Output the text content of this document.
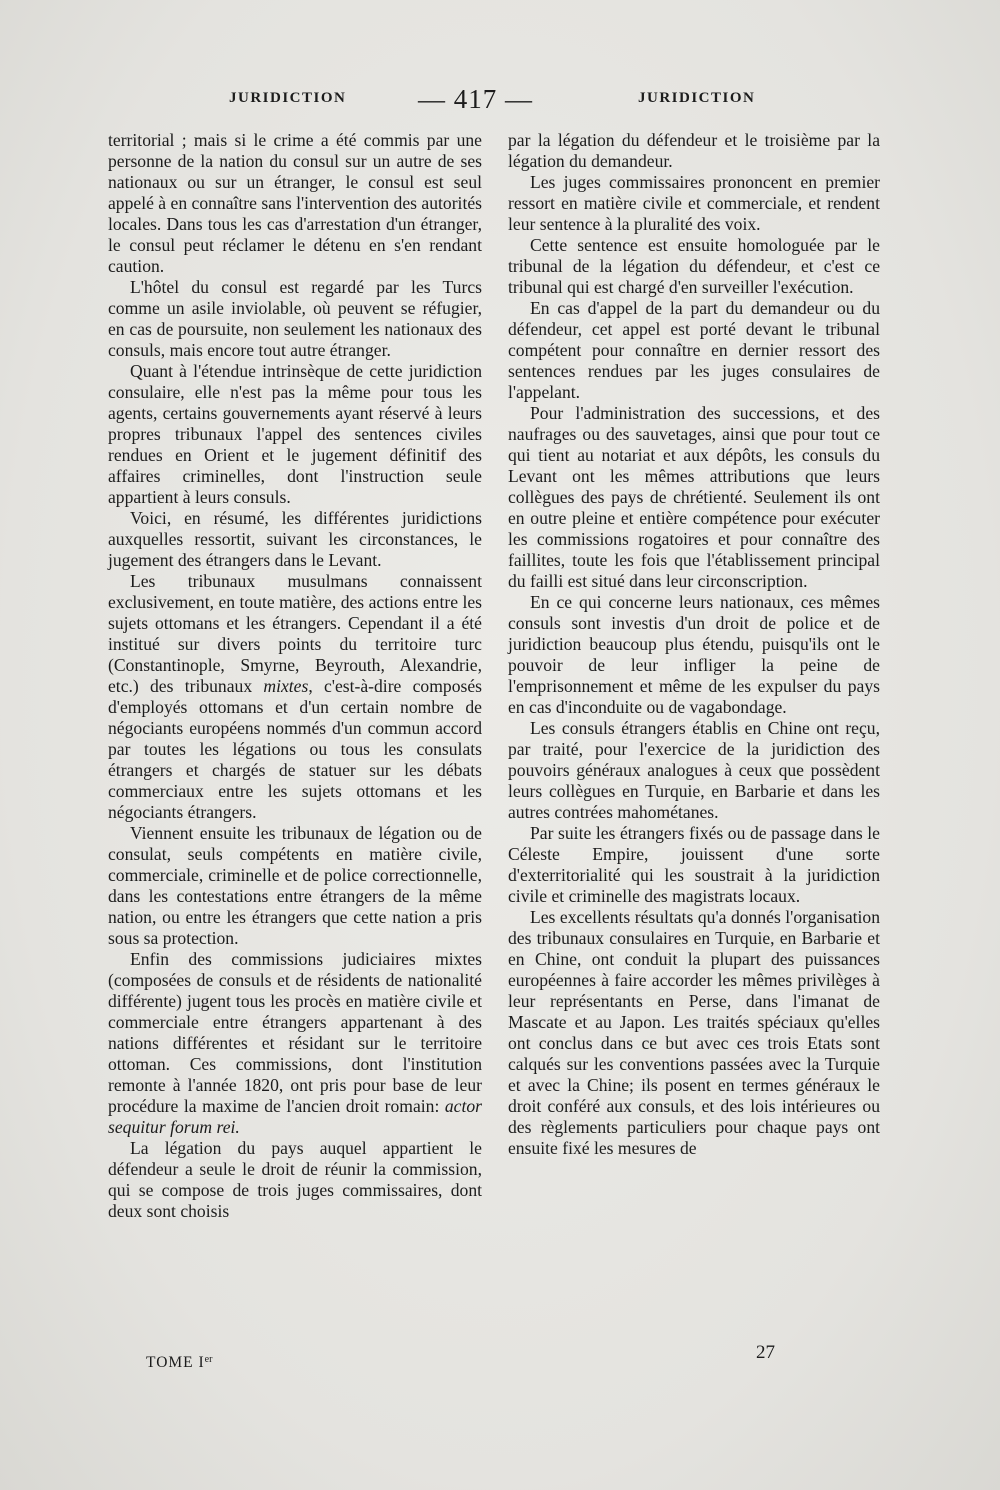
JURIDICTION	— 417 —	JURIDICTION

territorial ; mais si le crime a été commis par une personne de la nation du consul sur un autre de ses nationaux ou sur un étranger, le consul est seul appelé à en connaître sans l'intervention des autorités locales. Dans tous les cas d'arrestation d'un étranger, le consul peut réclamer le détenu en s'en rendant caution.

L'hôtel du consul est regardé par les Turcs comme un asile inviolable, où peuvent se réfugier, en cas de poursuite, non seulement les nationaux des consuls, mais encore tout autre étranger.

Quant à l'étendue intrinsèque de cette juridiction consulaire, elle n'est pas la même pour tous les agents, certains gouvernements ayant réservé à leurs propres tribunaux l'appel des sentences civiles rendues en Orient et le jugement définitif des affaires criminelles, dont l'instruction seule appartient à leurs consuls.

Voici, en résumé, les différentes juridictions auxquelles ressortit, suivant les circonstances, le jugement des étrangers dans le Levant.

Les tribunaux musulmans connaissent exclusivement, en toute matière, des actions entre les sujets ottomans et les étrangers. Cependant il a été institué sur divers points du territoire turc (Constantinople, Smyrne, Beyrouth, Alexandrie, etc.) des tribunaux mixtes, c'est-à-dire composés d'employés ottomans et d'un certain nombre de négociants européens nommés d'un commun accord par toutes les légations ou tous les consulats étrangers et chargés de statuer sur les débats commerciaux entre les sujets ottomans et les négociants étrangers.

Viennent ensuite les tribunaux de légation ou de consulat, seuls compétents en matière civile, commerciale, criminelle et de police correctionnelle, dans les contestations entre étrangers de la même nation, ou entre les étrangers que cette nation a pris sous sa protection.

Enfin des commissions judiciaires mixtes (composées de consuls et de résidents de nationalité différente) jugent tous les procès en matière civile et commerciale entre étrangers appartenant à des nations différentes et résidant sur le territoire ottoman. Ces commissions, dont l'institution remonte à l'année 1820, ont pris pour base de leur procédure la maxime de l'ancien droit romain: actor sequitur forum rei.

La légation du pays auquel appartient le défendeur a seule le droit de réunir la commission, qui se compose de trois juges commissaires, dont deux sont choisis

par la légation du défendeur et le troisième par la légation du demandeur.

Les juges commissaires prononcent en premier ressort en matière civile et commerciale, et rendent leur sentence à la pluralité des voix.

Cette sentence est ensuite homologuée par le tribunal de la légation du défendeur, et c'est ce tribunal qui est chargé d'en surveiller l'exécution.

En cas d'appel de la part du demandeur ou du défendeur, cet appel est porté devant le tribunal compétent pour connaître en dernier ressort des sentences rendues par les juges consulaires de l'appelant.

Pour l'administration des successions, et des naufrages ou des sauvetages, ainsi que pour tout ce qui tient au notariat et aux dépôts, les consuls du Levant ont les mêmes attributions que leurs collègues des pays de chrétienté. Seulement ils ont en outre pleine et entière compétence pour exécuter les commissions rogatoires et pour connaître des faillites, toute les fois que l'établissement principal du failli est situé dans leur circonscription.

En ce qui concerne leurs nationaux, ces mêmes consuls sont investis d'un droit de police et de juridiction beaucoup plus étendu, puisqu'ils ont le pouvoir de leur infliger la peine de l'emprisonnement et même de les expulser du pays en cas d'inconduite ou de vagabondage.

Les consuls étrangers établis en Chine ont reçu, par traité, pour l'exercice de la juridiction des pouvoirs généraux analogues à ceux que possèdent leurs collègues en Turquie, en Barbarie et dans les autres contrées mahométanes.

Par suite les étrangers fixés ou de passage dans le Céleste Empire, jouissent d'une sorte d'exterritorialité qui les soustrait à la juridiction civile et criminelle des magistrats locaux.

Les excellents résultats qu'a donnés l'organisation des tribunaux consulaires en Turquie, en Barbarie et en Chine, ont conduit la plupart des puissances européennes à faire accorder les mêmes privilèges à leur représentants en Perse, dans l'imanat de Mascate et au Japon. Les traités spéciaux qu'elles ont conclus dans ce but avec ces trois Etats sont calqués sur les conventions passées avec la Turquie et avec la Chine; ils posent en termes généraux le droit conféré aux consuls, et des lois intérieures ou des règlements particuliers pour chaque pays ont ensuite fixé les mesures de

TOME Ier	27
